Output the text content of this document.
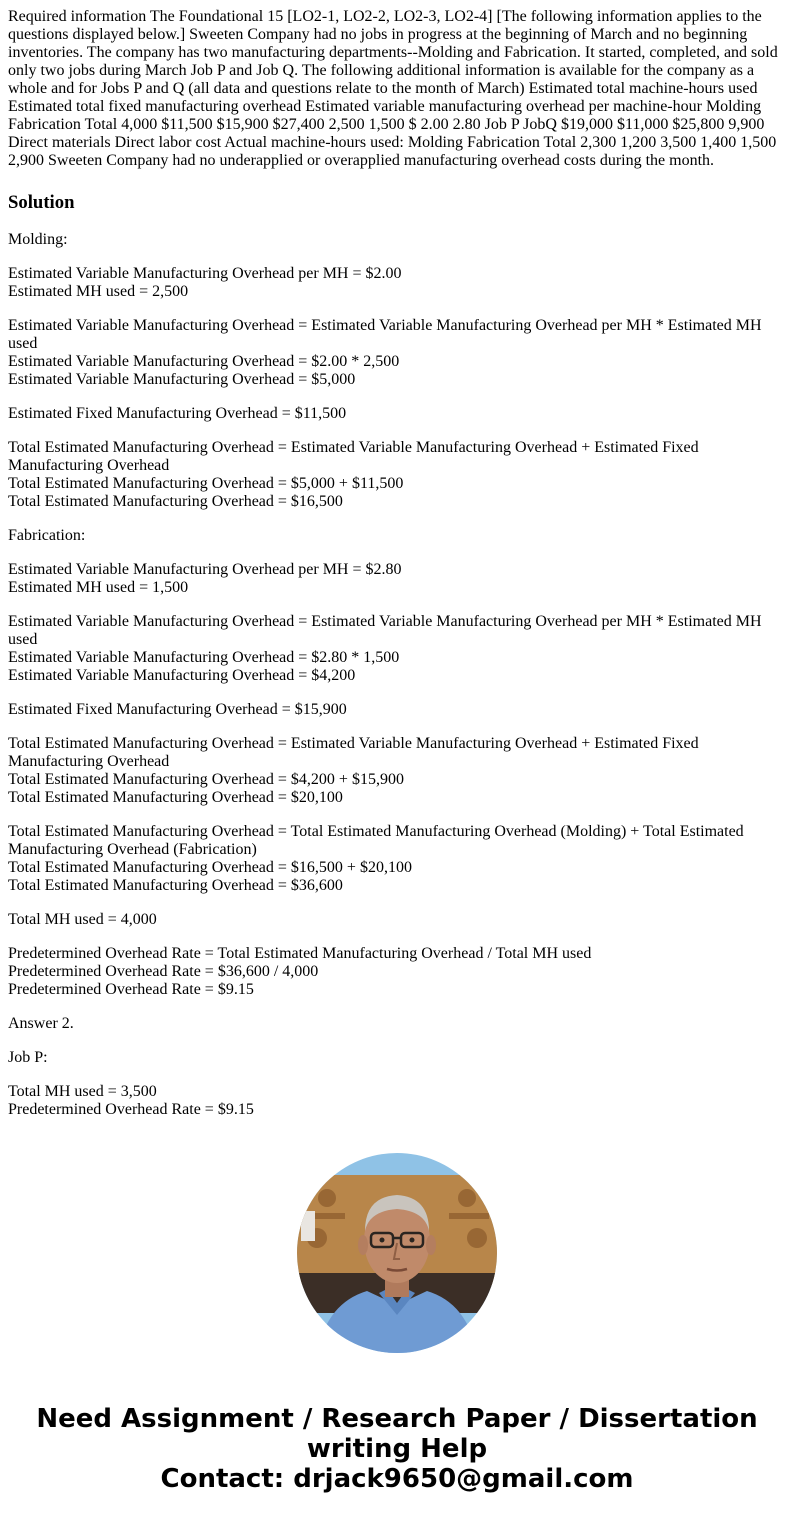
Required information The Foundational 15 [LO2-1, LO2-2, LO2-3, LO2-4] [The following information applies to the questions displayed below.] Sweeten Company had no jobs in progress at the beginning of March and no beginning inventories. The company has two manufacturing departments--Molding and Fabrication. It started, completed, and sold only two jobs during March Job P and Job Q. The following additional information is available for the company as a whole and for Jobs P and Q (all data and questions relate to the month of March) Estimated total machine-hours used Estimated total fixed manufacturing overhead Estimated variable manufacturing overhead per machine-hour Molding Fabrication Total 4,000 $11,500 $15,900 $27,400 2,500 1,500 $ 2.00 2.80 Job P JobQ $19,000 $11,000 $25,800 9,900 Direct materials Direct labor cost Actual machine-hours used: Molding Fabrication Total 2,300 1,200 3,500 1,400 1,500 2,900 Sweeten Company had no underapplied or overapplied manufacturing overhead costs during the month.

Solution
Molding:
Estimated Variable Manufacturing Overhead per MH = $2.00
Estimated MH used = 2,500
Estimated Variable Manufacturing Overhead = Estimated Variable Manufacturing Overhead per MH * Estimated MH used
Estimated Variable Manufacturing Overhead = $2.00 * 2,500
Estimated Variable Manufacturing Overhead = $5,000
Estimated Fixed Manufacturing Overhead = $11,500
Total Estimated Manufacturing Overhead = Estimated Variable Manufacturing Overhead + Estimated Fixed Manufacturing Overhead
Total Estimated Manufacturing Overhead = $5,000 + $11,500
Total Estimated Manufacturing Overhead = $16,500
Fabrication:
Estimated Variable Manufacturing Overhead per MH = $2.80
Estimated MH used = 1,500
Estimated Variable Manufacturing Overhead = Estimated Variable Manufacturing Overhead per MH * Estimated MH used
Estimated Variable Manufacturing Overhead = $2.80 * 1,500
Estimated Variable Manufacturing Overhead = $4,200
Estimated Fixed Manufacturing Overhead = $15,900
Total Estimated Manufacturing Overhead = Estimated Variable Manufacturing Overhead + Estimated Fixed Manufacturing Overhead
Total Estimated Manufacturing Overhead = $4,200 + $15,900
Total Estimated Manufacturing Overhead = $20,100
Total Estimated Manufacturing Overhead = Total Estimated Manufacturing Overhead (Molding) + Total Estimated Manufacturing Overhead (Fabrication)
Total Estimated Manufacturing Overhead = $16,500 + $20,100
Total Estimated Manufacturing Overhead = $36,600
Total MH used = 4,000
Predetermined Overhead Rate = Total Estimated Manufacturing Overhead / Total MH used
Predetermined Overhead Rate = $36,600 / 4,000
Predetermined Overhead Rate = $9.15
Answer 2.
Job P:
Total MH used = 3,500
Predetermined Overhead Rate = $9.15
Need Assignment / Research Paper / Dissertation
writing Help
Contact: drjack9650@gmail.com
